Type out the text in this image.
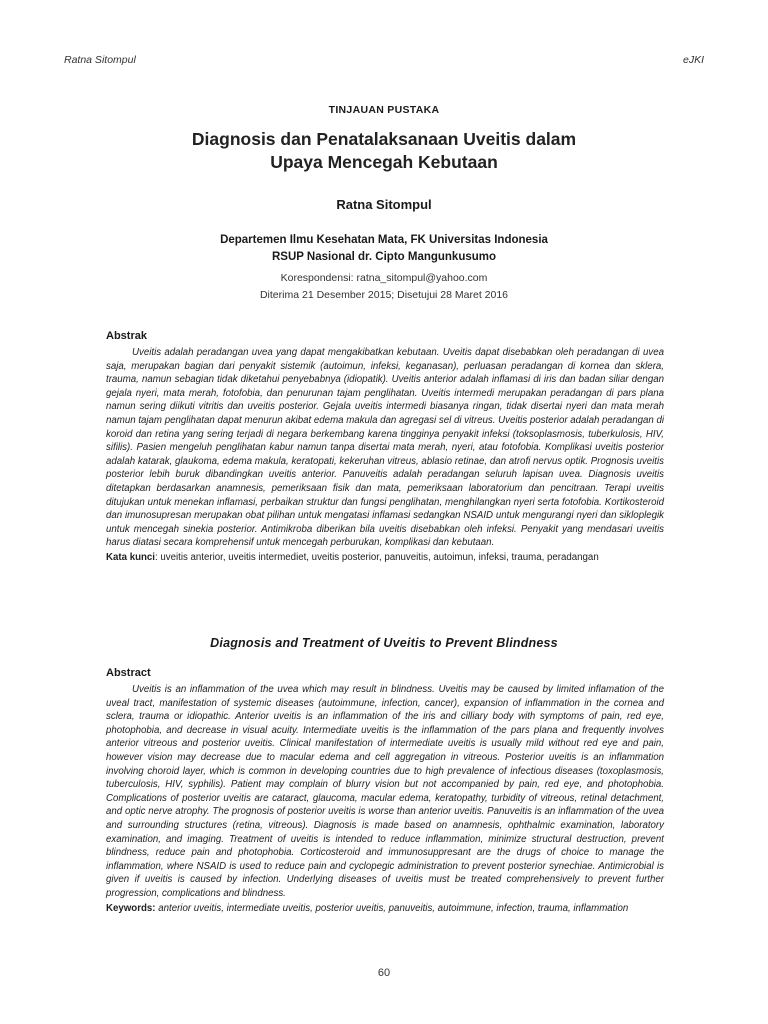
Ratna Sitompul	eJKI
TINJAUAN PUSTAKA
Diagnosis dan Penatalaksanaan Uveitis dalam
Upaya Mencegah Kebutaan
Ratna Sitompul
Departemen Ilmu Kesehatan Mata, FK Universitas Indonesia
RSUP Nasional dr. Cipto Mangunkusumo
Korespondensi: ratna_sitompul@yahoo.com
Diterima 21 Desember 2015; Disetujui 28 Maret 2016
Abstrak

Uveitis adalah peradangan uvea yang dapat mengakibatkan kebutaan. Uveitis dapat disebabkan oleh peradangan di uvea saja, merupakan bagian dari penyakit sistemik (autoimun, infeksi, keganasan), perluasan peradangan di kornea dan sklera, trauma, namun sebagian tidak diketahui penyebabnya (idiopatik). Uveitis anterior adalah inflamasi di iris dan badan siliar dengan gejala nyeri, mata merah, fotofobia, dan penurunan tajam penglihatan. Uveitis intermedi merupakan peradangan di pars plana namun sering diikuti vitritis dan uveitis posterior. Gejala uveitis intermedi biasanya ringan, tidak disertai nyeri dan mata merah namun tajam penglihatan dapat menurun akibat edema makula dan agregasi sel di vitreus. Uveitis posterior adalah peradangan di koroid dan retina yang sering terjadi di negara berkembang karena tingginya penyakit infeksi (toksoplasmosis, tuberkulosis, HIV, sifilis). Pasien mengeluh penglihatan kabur namun tanpa disertai mata merah, nyeri, atau fotofobia. Komplikasi uveitis posterior adalah katarak, glaukoma, edema makula, keratopati, kekeruhan vitreus, ablasio retinae, dan atrofi nervus optik. Prognosis uveitis posterior lebih buruk dibandingkan uveitis anterior. Panuveitis adalah peradangan seluruh lapisan uvea. Diagnosis uveitis ditetapkan berdasarkan anamnesis, pemeriksaan fisik dan mata, pemeriksaan laboratorium dan pencitraan. Terapi uveitis ditujukan untuk menekan inflamasi, perbaikan struktur dan fungsi penglihatan, menghilangkan nyeri serta fotofobia. Kortikosteroid dan imunosupresan merupakan obat pilihan untuk mengatasi inflamasi sedangkan NSAID untuk mengurangi nyeri dan sikloplegik untuk mencegah sinekia posterior. Antimikroba diberikan bila uveitis disebabkan oleh infeksi. Penyakit yang mendasari uveitis harus diatasi secara komprehensif untuk mencegah perburukan, komplikasi dan kebutaan.

Kata kunci: uveitis anterior, uveitis intermediet, uveitis posterior, panuveitis, autoimun, infeksi, trauma, peradangan
Diagnosis and Treatment of Uveitis to Prevent Blindness
Abstract

Uveitis is an inflammation of the uvea which may result in blindness. Uveitis may be caused by limited inflamation of the uveal tract, manifestation of systemic diseases (autoimmune, infection, cancer), expansion of inflammation in the cornea and sclera, trauma or idiopathic. Anterior uveitis is an inflammation of the iris and cilliary body with symptoms of pain, red eye, photophobia, and decrease in visual acuity. Intermediate uveitis is the inflammation of the pars plana and frequently involves anterior vitreous and posterior uveitis. Clinical manifestation of intermediate uveitis is usually mild without red eye and pain, however vision may decrease due to macular edema and cell aggregation in vitreous. Posterior uveitis is an inflammation involving choroid layer, which is common in developing countries due to high prevalence of infectious diseases (toxoplasmosis, tuberculosis, HIV, syphilis). Patient may complain of blurry vision but not accompanied by pain, red eye, and photophobia. Complications of posterior uveitis are cataract, glaucoma, macular edema, keratopathy, turbidity of vitreous, retinal detachment, and optic nerve atrophy. The prognosis of posterior uveitis is worse than anterior uveitis. Panuveitis is an inflammation of the uvea and surrounding structures (retina, vitreous). Diagnosis is made based on anamnesis, ophthalmic examination, laboratory examination, and imaging. Treatment of uveitis is intended to reduce inflammation, minimize structural destruction, prevent blindness, reduce pain and photophobia. Corticosteroid and immunosuppresant are the drugs of choice to manage the inflammation, where NSAID is used to reduce pain and cyclopegic administration to prevent posterior synechiae. Antimicrobial is given if uveitis is caused by infection. Underlying diseases of uveitis must be treated comprehensively to prevent further progression, complications and blindness.

Keywords: anterior uveitis, intermediate uveitis, posterior uveitis, panuveitis, autoimmune, infection, trauma, inflammation
60
